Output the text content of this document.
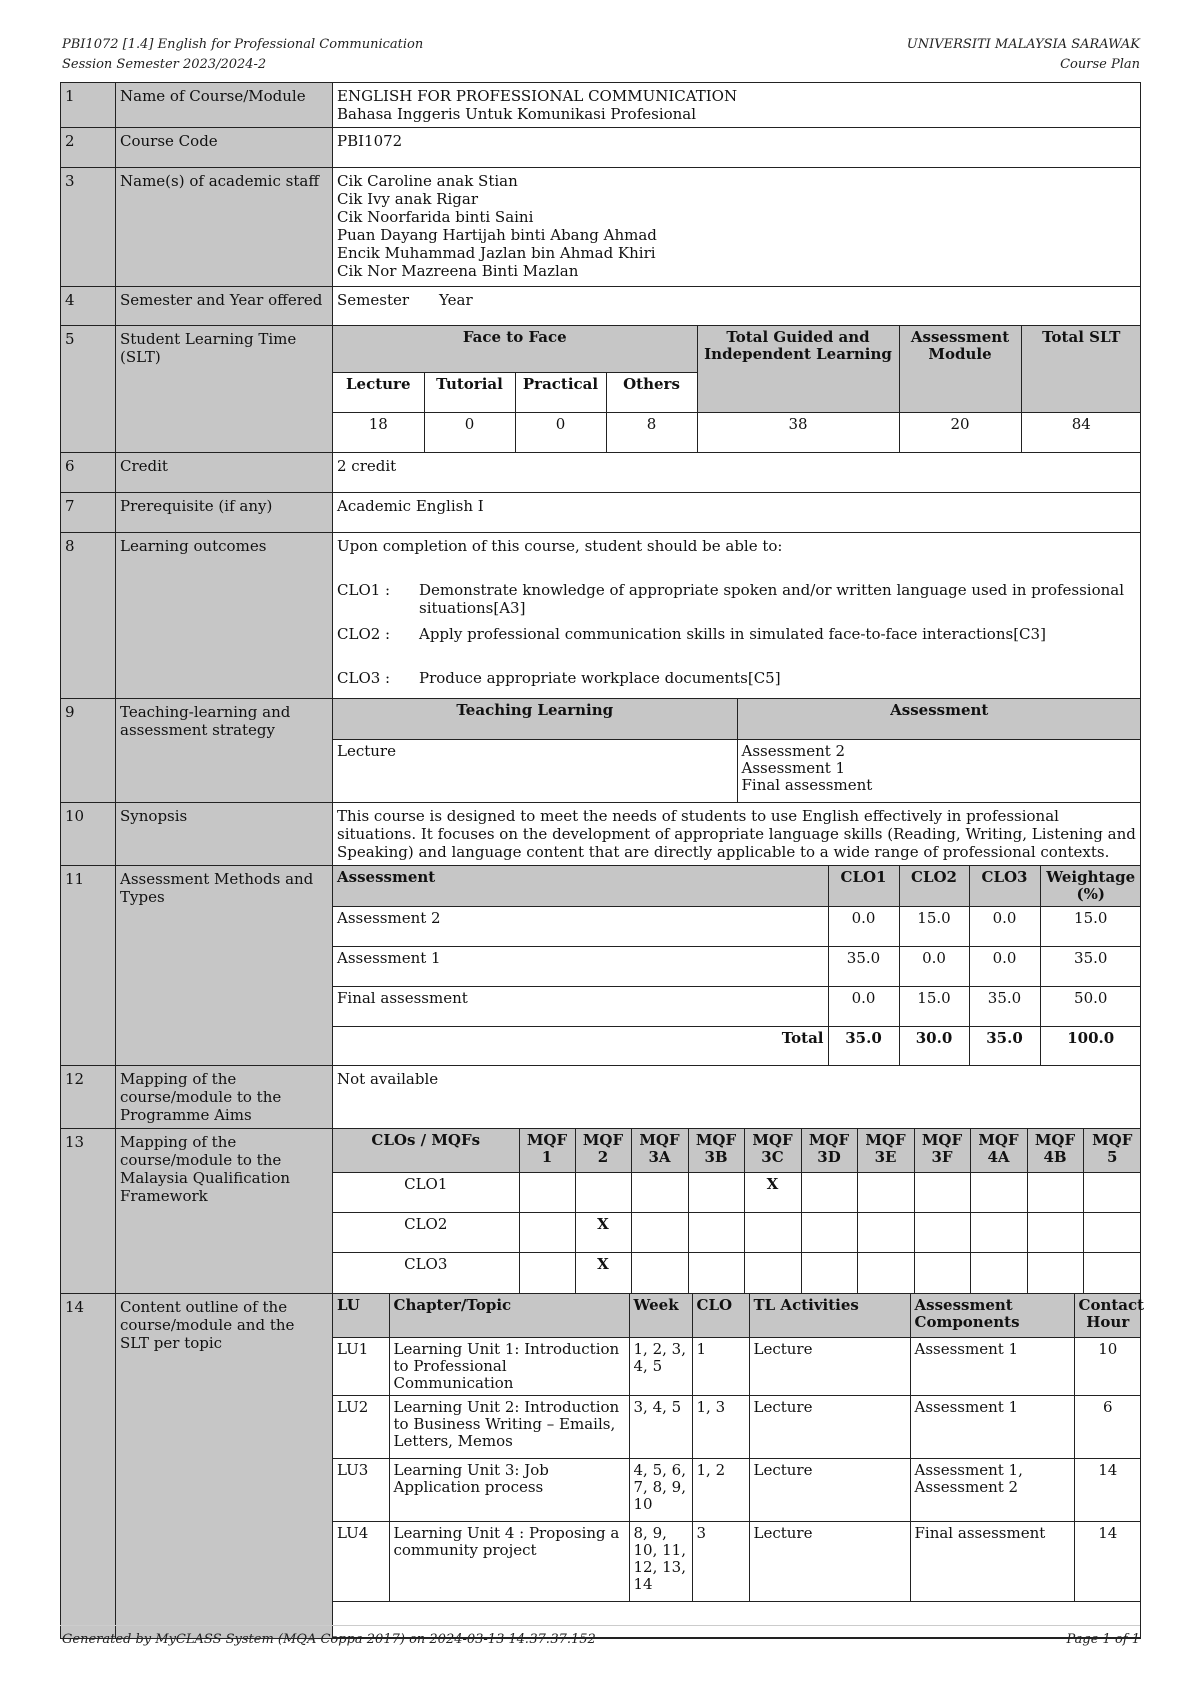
PBI1072 [1.4] English for Professional Communication
Session Semester 2023/2024-2
UNIVERSITI MALAYSIA SARAWAK
Course Plan
1	Name of Course/Module	ENGLISH FOR PROFESSIONAL COMMUNICATION
Bahasa Inggeris Untuk Komunikasi Profesional

2	Course Code	PBI1072
3	Name(s) of academic staff	Cik Caroline anak Stian
Cik Ivy anak Rigar
Cik Noorfarida binti Saini
Puan Dayang Hartijah binti Abang Ahmad
Encik Muhammad Jazlan bin Ahmad Khiri
Cik Nor Mazreena Binti Mazlan

4	Semester and Year offered	Semester Year
5	Student Learning Time (SLT)	
Face to Face	Total Guided and Independent Learning	Assessment Module	Total SLT
Lecture	Tutorial	Practical	Others
18	0	0	8	38	20	84

6	Credit	2 credit
7	Prerequisite (if any)	Academic English I
8	Learning outcomes	Upon completion of this course, student should be able to:
CLO1 :	Demonstrate knowledge of appropriate spoken and/or written language used in professional situations[A3]
CLO2 :	Apply professional communication skills in simulated face-to-face interactions[C3]
CLO3 :	Produce appropriate workplace documents[C5]

9	Teaching-learning and assessment strategy	
Teaching Learning	Assessment
Lecture	Assessment 2
Assessment 1
Final assessment

10	Synopsis	This course is designed to meet the needs of students to use English effectively in professional situations. It focuses on the development of appropriate language skills (Reading, Writing, Listening and Speaking) and language content that are directly applicable to a wide range of professional contexts.
11	Assessment Methods and Types	
Assessment	CLO1	CLO2	CLO3	Weightage (%)
Assessment 2	0.0	15.0	0.0	15.0
Assessment 1	35.0	0.0	0.0	35.0
Final assessment	0.0	15.0	35.0	50.0
Total	35.0	30.0	35.0	100.0

12	Mapping of the course/module to the Programme Aims	Not available
13	Mapping of the course/module to the Malaysia Qualification Framework	
CLOs / MQFs	MQF 1	MQF 2	MQF 3A	MQF 3B	MQF 3C	MQF 3D	MQF 3E	MQF 3F	MQF 4A	MQF 4B	MQF 5
CLO1					X						
CLO2		X									
CLO3		X									

14	Content outline of the course/module and the SLT per topic	
LU	Chapter/Topic	Week	CLO	TL Activities	Assessment Components	Contact Hour
LU1	Learning Unit 1: Introduction to Professional Communication	1, 2, 3, 4, 5	1	Lecture	Assessment 1	10
LU2	Learning Unit 2: Introduction to Business Writing – Emails, Letters, Memos	3, 4, 5	1, 3	Lecture	Assessment 1	6
LU3	Learning Unit 3: Job Application process	4, 5, 6, 7, 8, 9, 10	1, 2	Lecture	Assessment 1, Assessment 2	14
LU4	Learning Unit 4 : Proposing a community project	8, 9, 10, 11, 12, 13, 14	3	Lecture	Final assessment	14

Generated by MyCLASS System (MQA Coppa 2017) on 2024-03-13 14:37:37.152	Page 1 of 1
